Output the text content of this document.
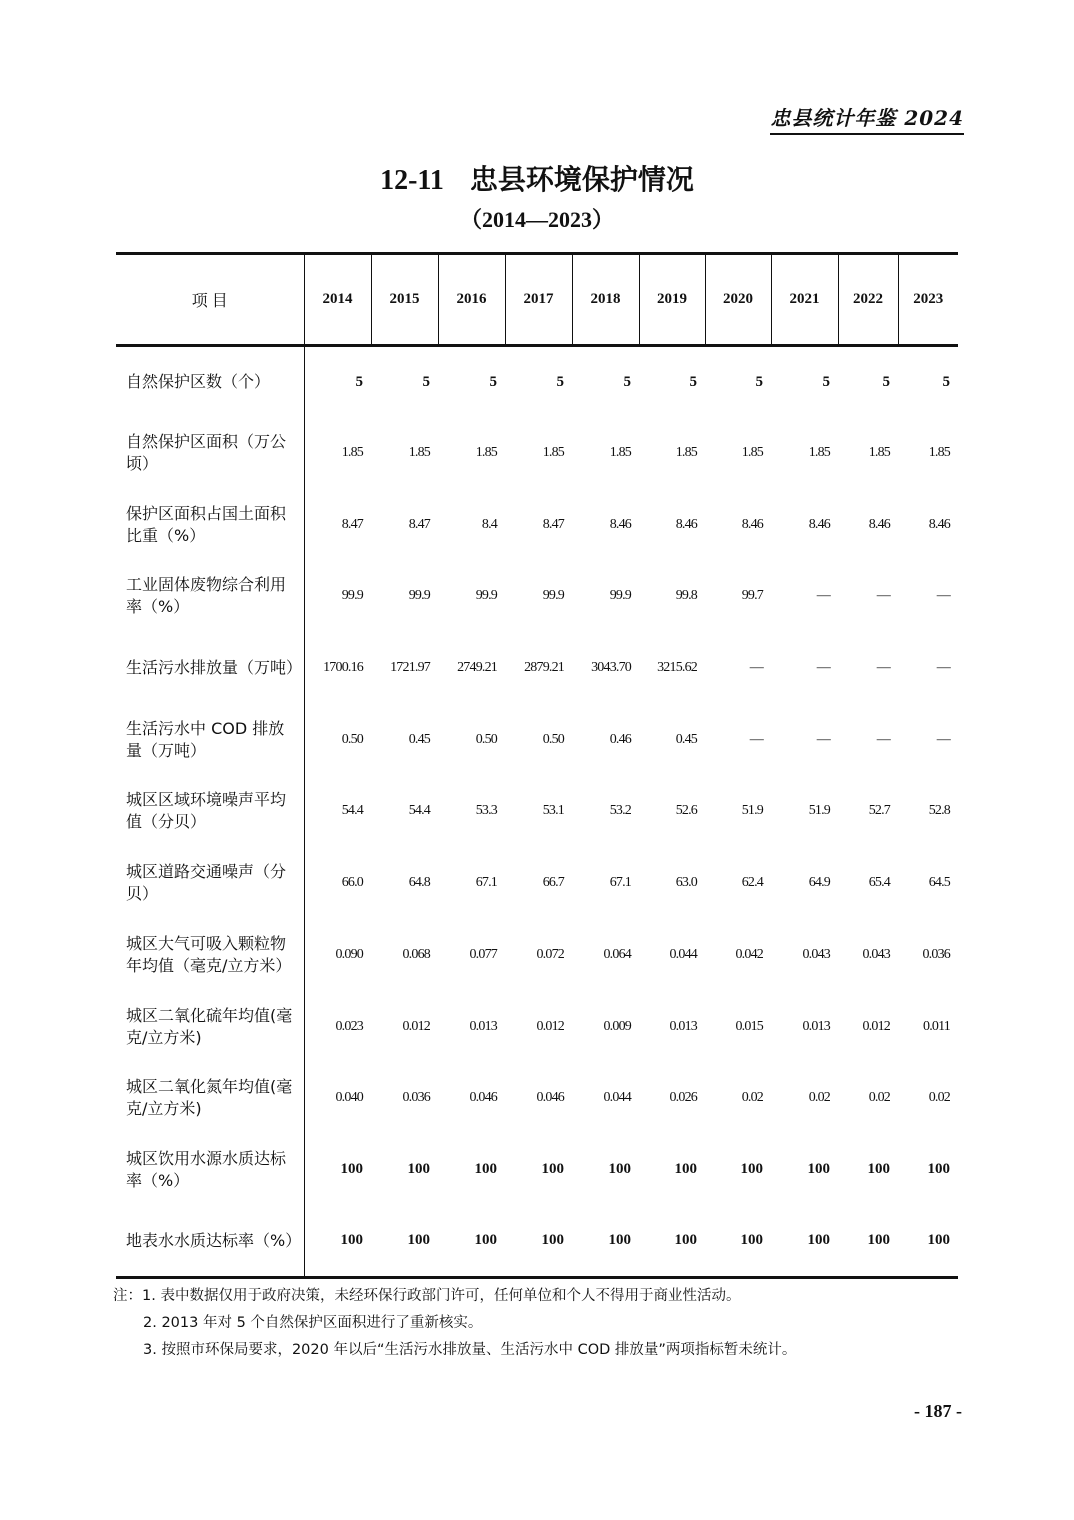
忠县统计年鉴 2024
12-11 忠县环境保护情况
（2014—2023）
项 目	2014	2015	2016	2017	2018	2019	2020	2021	2022	2023
自然保护区数（个）	5	5	5	5	5	5	5	5	5	5
自然保护区面积（万公顷）	1.85	1.85	1.85	1.85	1.85	1.85	1.85	1.85	1.85	1.85
保护区面积占国土面积比重（%）	8.47	8.47	8.4	8.47	8.46	8.46	8.46	8.46	8.46	8.46
工业固体废物综合利用率（%）	99.9	99.9	99.9	99.9	99.9	99.8	99.7	—	—	—
生活污水排放量（万吨）	1700.16	1721.97	2749.21	2879.21	3043.70	3215.62	—	—	—	—
生活污水中 COD 排放量（万吨）	0.50	0.45	0.50	0.50	0.46	0.45	—	—	—	—
城区区域环境噪声平均值（分贝）	54.4	54.4	53.3	53.1	53.2	52.6	51.9	51.9	52.7	52.8
城区道路交通噪声（分贝）	66.0	64.8	67.1	66.7	67.1	63.0	62.4	64.9	65.4	64.5
城区大气可吸入颗粒物年均值（毫克/立方米）	0.090	0.068	0.077	0.072	0.064	0.044	0.042	0.043	0.043	0.036
城区二氧化硫年均值(毫克/立方米)	0.023	0.012	0.013	0.012	0.009	0.013	0.015	0.013	0.012	0.011
城区二氧化氮年均值(毫克/立方米)	0.040	0.036	0.046	0.046	0.044	0.026	0.02	0.02	0.02	0.02
城区饮用水源水质达标率（%）	100	100	100	100	100	100	100	100	100	100
地表水水质达标率（%）	100	100	100	100	100	100	100	100	100	100
注：1. 表中数据仅用于政府决策，未经环保行政部门许可，任何单位和个人不得用于商业性活动。
2. 2013 年对 5 个自然保护区面积进行了重新核实。
3. 按照市环保局要求，2020 年以后“生活污水排放量、生活污水中 COD 排放量”两项指标暂未统计。
- 187 -
